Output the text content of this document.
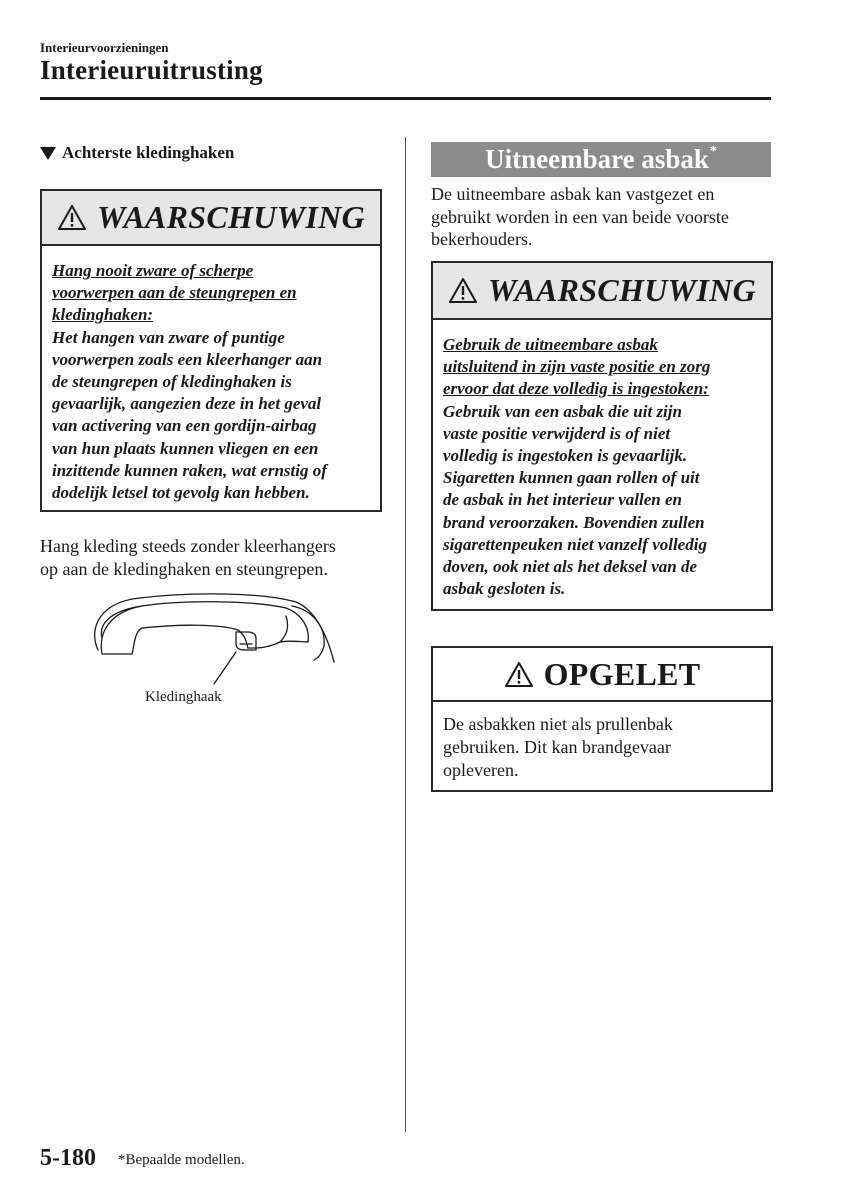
Interieurvoorzieningen
Interieuruitrusting
Achterste kledinghaken
WAARSCHUWING
Hang nooit zware of scherpe
voorwerpen aan de steungrepen en
kledinghaken:
Het hangen van zware of puntige
voorwerpen zoals een kleerhanger aan
de steungrepen of kledinghaken is
gevaarlijk, aangezien deze in het geval
van activering van een gordijn-airbag
van hun plaats kunnen vliegen en een
inzittende kunnen raken, wat ernstig of
dodelijk letsel tot gevolg kan hebben.
Hang kleding steeds zonder kleerhangers
op aan de kledinghaken en steungrepen.
Kledinghaak
Uitneembare asbak*
De uitneembare asbak kan vastgezet en
gebruikt worden in een van beide voorste
bekerhouders.
WAARSCHUWING
Gebruik de uitneembare asbak
uitsluitend in zijn vaste positie en zorg
ervoor dat deze volledig is ingestoken:
Gebruik van een asbak die uit zijn
vaste positie verwijderd is of niet
volledig is ingestoken is gevaarlijk.
Sigaretten kunnen gaan rollen of uit
de asbak in het interieur vallen en
brand veroorzaken. Bovendien zullen
sigarettenpeuken niet vanzelf volledig
doven, ook niet als het deksel van de
asbak gesloten is.
OPGELET
De asbakken niet als prullenbak
gebruiken. Dit kan brandgevaar
opleveren.
5-180 *Bepaalde modellen.
